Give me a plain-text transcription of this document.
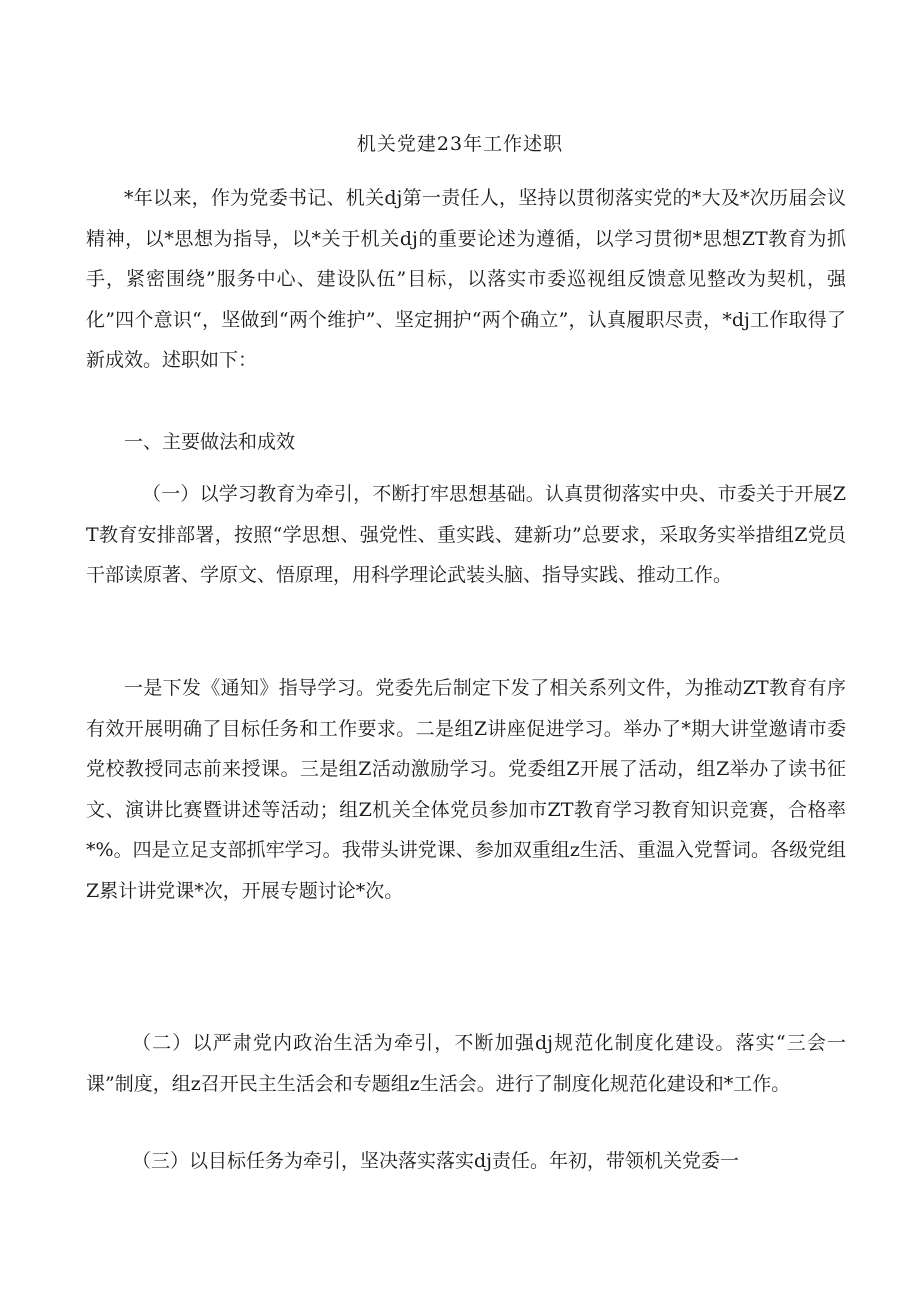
机关党建23年工作述职
*年以来，作为党委书记、机关dj第一责任人，坚持以贯彻落实党的*大及*次历届会议精神，以*思想为指导，以*关于机关dj的重要论述为遵循，以学习贯彻*思想ZT教育为抓手，紧密围绕”服务中心、建设队伍”目标，以落实市委巡视组反馈意见整改为契机，强化”四个意识“，坚做到“两个维护”、坚定拥护“两个确立”，认真履职尽责，*dj工作取得了新成效。述职如下：
一、主要做法和成效
（一）以学习教育为牵引，不断打牢思想基础。认真贯彻落实中央、市委关于开展ZT教育安排部署，按照“学思想、强党性、重实践、建新功”总要求，采取务实举措组Z党员干部读原著、学原文、悟原理，用科学理论武装头脑、指导实践、推动工作。
一是下发《通知》指导学习。党委先后制定下发了相关系列文件，为推动ZT教育有序有效开展明确了目标任务和工作要求。二是组Z讲座促进学习。举办了*期大讲堂邀请市委党校教授同志前来授课。三是组Z活动激励学习。党委组Z开展了活动，组Z举办了读书征文、演讲比赛暨讲述等活动；组Z机关全体党员参加市ZT教育学习教育知识竞赛，合格率*%。四是立足支部抓牢学习。我带头讲党课、参加双重组z生活、重温入党誓词。各级党组Z累计讲党课*次，开展专题讨论*次。
（二）以严肃党内政治生活为牵引，不断加强dj规范化制度化建设。落实“三会一课”制度，组z召开民主生活会和专题组z生活会。进行了制度化规范化建设和*工作。
（三）以目标任务为牵引，坚决落实落实dj责任。年初，带领机关党委一
